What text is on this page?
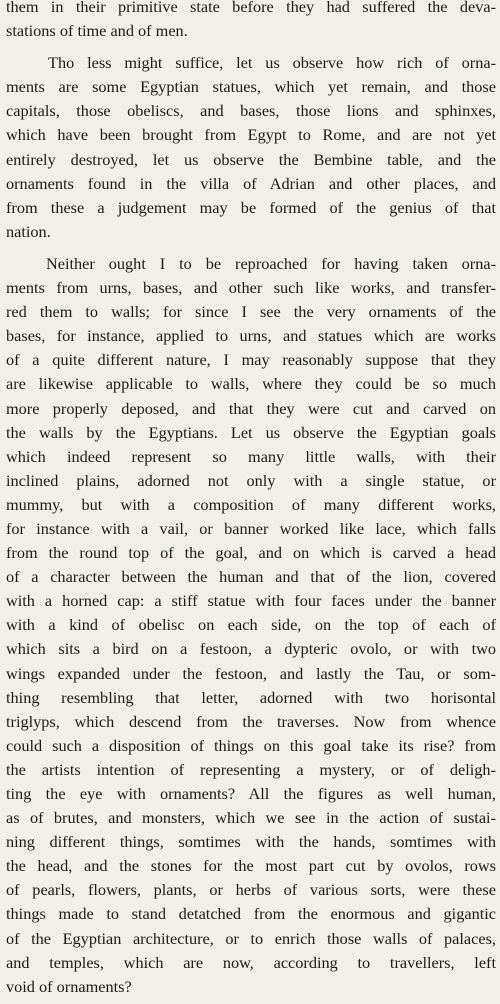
them in their primitive state before they had suffered the deva-
stations of time and of men.
Tho less might suffice, let us observe how rich of orna-
ments are some Egyptian statues, which yet remain, and those
capitals, those obeliscs, and bases, those lions and sphinxes,
which have been brought from Egypt to Rome, and are not yet
entirely destroyed, let us observe the Bembine table, and the
ornaments found in the villa of Adrian and other places, and
from these a judgement may be formed of the genius of that
nation.
Neither ought I to be reproached for having taken orna-
ments from urns, bases, and other such like works, and transfer-
red them to walls; for since I see the very ornaments of the
bases, for instance, applied to urns, and statues which are works
of a quite different nature, I may reasonably suppose that they
are likewise applicable to walls, where they could be so much
more properly deposed, and that they were cut and carved on
the walls by the Egyptians. Let us observe the Egyptian goals
which indeed represent so many little walls, with their
inclined plains, adorned not only with a single statue, or
mummy, but with a composition of many different works,
for instance with a vail, or banner worked like lace, which falls
from the round top of the goal, and on which is carved a head
of a character between the human and that of the lion, covered
with a horned cap: a stiff statue with four faces under the banner
with a kind of obelisc on each side, on the top of each of
which sits a bird on a festoon, a dypteric ovolo, or with two
wings expanded under the festoon, and lastly the Tau, or som-
thing resembling that letter, adorned with two horisontal
triglyps, which descend from the traverses. Now from whence
could such a disposition of things on this goal take its rise? from
the artists intention of representing a mystery, or of deligh-
ting the eye with ornaments? All the figures as well human,
as of brutes, and monsters, which we see in the action of sustai-
ning different things, somtimes with the hands, somtimes with
the head, and the stones for the most part cut by ovolos, rows
of pearls, flowers, plants, or herbs of various sorts, were these
things made to stand detatched from the enormous and gigantic
of the Egyptian architecture, or to enrich those walls of palaces,
and temples, which are now, according to travellers, left
void of ornaments?
